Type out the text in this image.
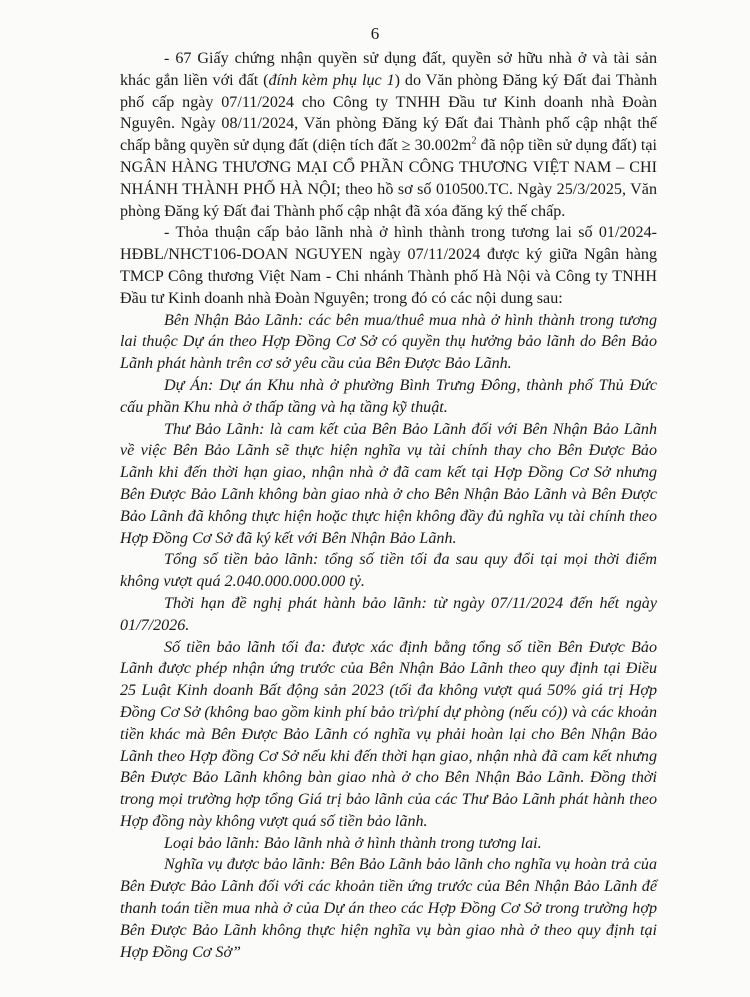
6

- 67 Giấy chứng nhận quyền sử dụng đất, quyền sở hữu nhà ở và tài sản khác gắn liền với đất (đính kèm phụ lục 1) do Văn phòng Đăng ký Đất đai Thành phố cấp ngày 07/11/2024 cho Công ty TNHH Đầu tư Kinh doanh nhà Đoàn Nguyên. Ngày 08/11/2024, Văn phòng Đăng ký Đất đai Thành phố cập nhật thế chấp bằng quyền sử dụng đất (diện tích đất ≥ $30.002m^2$ đã nộp tiền sử dụng đất) tại NGÂN HÀNG THƯƠNG MẠI CỔ PHẦN CÔNG THƯƠNG VIỆT NAM – CHI NHÁNH THÀNH PHỐ HÀ NỘI; theo hồ sơ số 010500.TC. Ngày 25/3/2025, Văn phòng Đăng ký Đất đai Thành phố cập nhật đã xóa đăng ký thế chấp.

- Thỏa thuận cấp bảo lãnh nhà ở hình thành trong tương lai số 01/2024-HĐBL/NHCT106-DOAN NGUYEN ngày 07/11/2024 được ký giữa Ngân hàng TMCP Công thương Việt Nam - Chi nhánh Thành phố Hà Nội và Công ty TNHH Đầu tư Kinh doanh nhà Đoàn Nguyên; trong đó có các nội dung sau:

Bên Nhận Bảo Lãnh: các bên mua/thuê mua nhà ở hình thành trong tương lai thuộc Dự án theo Hợp Đồng Cơ Sở có quyền thụ hưởng bảo lãnh do Bên Bảo Lãnh phát hành trên cơ sở yêu cầu của Bên Được Bảo Lãnh.

Dự Án: Dự án Khu nhà ở phường Bình Trưng Đông, thành phố Thủ Đức cấu phần Khu nhà ở thấp tầng và hạ tầng kỹ thuật.

Thư Bảo Lãnh: là cam kết của Bên Bảo Lãnh đối với Bên Nhận Bảo Lãnh về việc Bên Bảo Lãnh sẽ thực hiện nghĩa vụ tài chính thay cho Bên Được Bảo Lãnh khi đến thời hạn giao, nhận nhà ở đã cam kết tại Hợp Đồng Cơ Sở nhưng Bên Được Bảo Lãnh không bàn giao nhà ở cho Bên Nhận Bảo Lãnh và Bên Được Bảo Lãnh đã không thực hiện hoặc thực hiện không đầy đủ nghĩa vụ tài chính theo Hợp Đồng Cơ Sở đã ký kết với Bên Nhận Bảo Lãnh.

Tổng số tiền bảo lãnh: tổng số tiền tối đa sau quy đổi tại mọi thời điểm không vượt quá 2.040.000.000.000 tỷ.

Thời hạn đề nghị phát hành bảo lãnh: từ ngày 07/11/2024 đến hết ngày 01/7/2026.

Số tiền bảo lãnh tối đa: được xác định bằng tổng số tiền Bên Được Bảo Lãnh được phép nhận ứng trước của Bên Nhận Bảo Lãnh theo quy định tại Điều 25 Luật Kinh doanh Bất động sản 2023 (tối đa không vượt quá 50% giá trị Hợp Đồng Cơ Sở (không bao gồm kinh phí bảo trì/phí dự phòng (nếu có)) và các khoản tiền khác mà Bên Được Bảo Lãnh có nghĩa vụ phải hoàn lại cho Bên Nhận Bảo Lãnh theo Hợp đồng Cơ Sở nếu khi đến thời hạn giao, nhận nhà đã cam kết nhưng Bên Được Bảo Lãnh không bàn giao nhà ở cho Bên Nhận Bảo Lãnh. Đồng thời trong mọi trường hợp tổng Giá trị bảo lãnh của các Thư Bảo Lãnh phát hành theo Hợp đồng này không vượt quá số tiền bảo lãnh.

Loại bảo lãnh: Bảo lãnh nhà ở hình thành trong tương lai.

Nghĩa vụ được bảo lãnh: Bên Bảo Lãnh bảo lãnh cho nghĩa vụ hoàn trả của Bên Được Bảo Lãnh đối với các khoản tiền ứng trước của Bên Nhận Bảo Lãnh để thanh toán tiền mua nhà ở của Dự án theo các Hợp Đồng Cơ Sở trong trường hợp Bên Được Bảo Lãnh không thực hiện nghĩa vụ bàn giao nhà ở theo quy định tại Hợp Đồng Cơ Sở”
